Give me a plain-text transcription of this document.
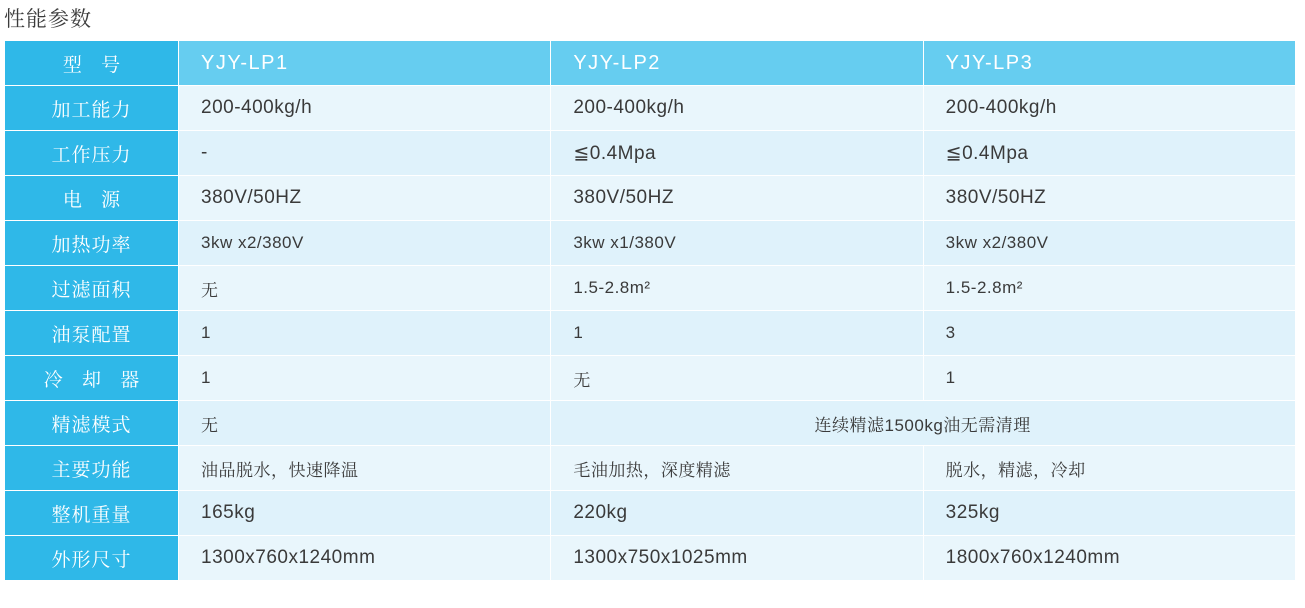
性能参数
型 号	YJY-LP1	YJY-LP2	YJY-LP3
加工能力	200-400kg/h	200-400kg/h	200-400kg/h
工作压力	-	≦0.4Mpa	≦0.4Mpa
电 源	380V/50HZ	380V/50HZ	380V/50HZ
加热功率	3kw x2/380V	3kw x1/380V	3kw x2/380V
过滤面积	无	1.5-2.8m²	1.5-2.8m²
油泵配置	1	1	3
冷 却 器	1	无	1
精滤模式	无	连续精滤1500kg油无需清理	
主要功能	油品脱水，快速降温	毛油加热，深度精滤	脱水，精滤，冷却
整机重量	165kg	220kg	325kg
外形尺寸	1300x760x1240mm	1300x750x1025mm	1800x760x1240mm
